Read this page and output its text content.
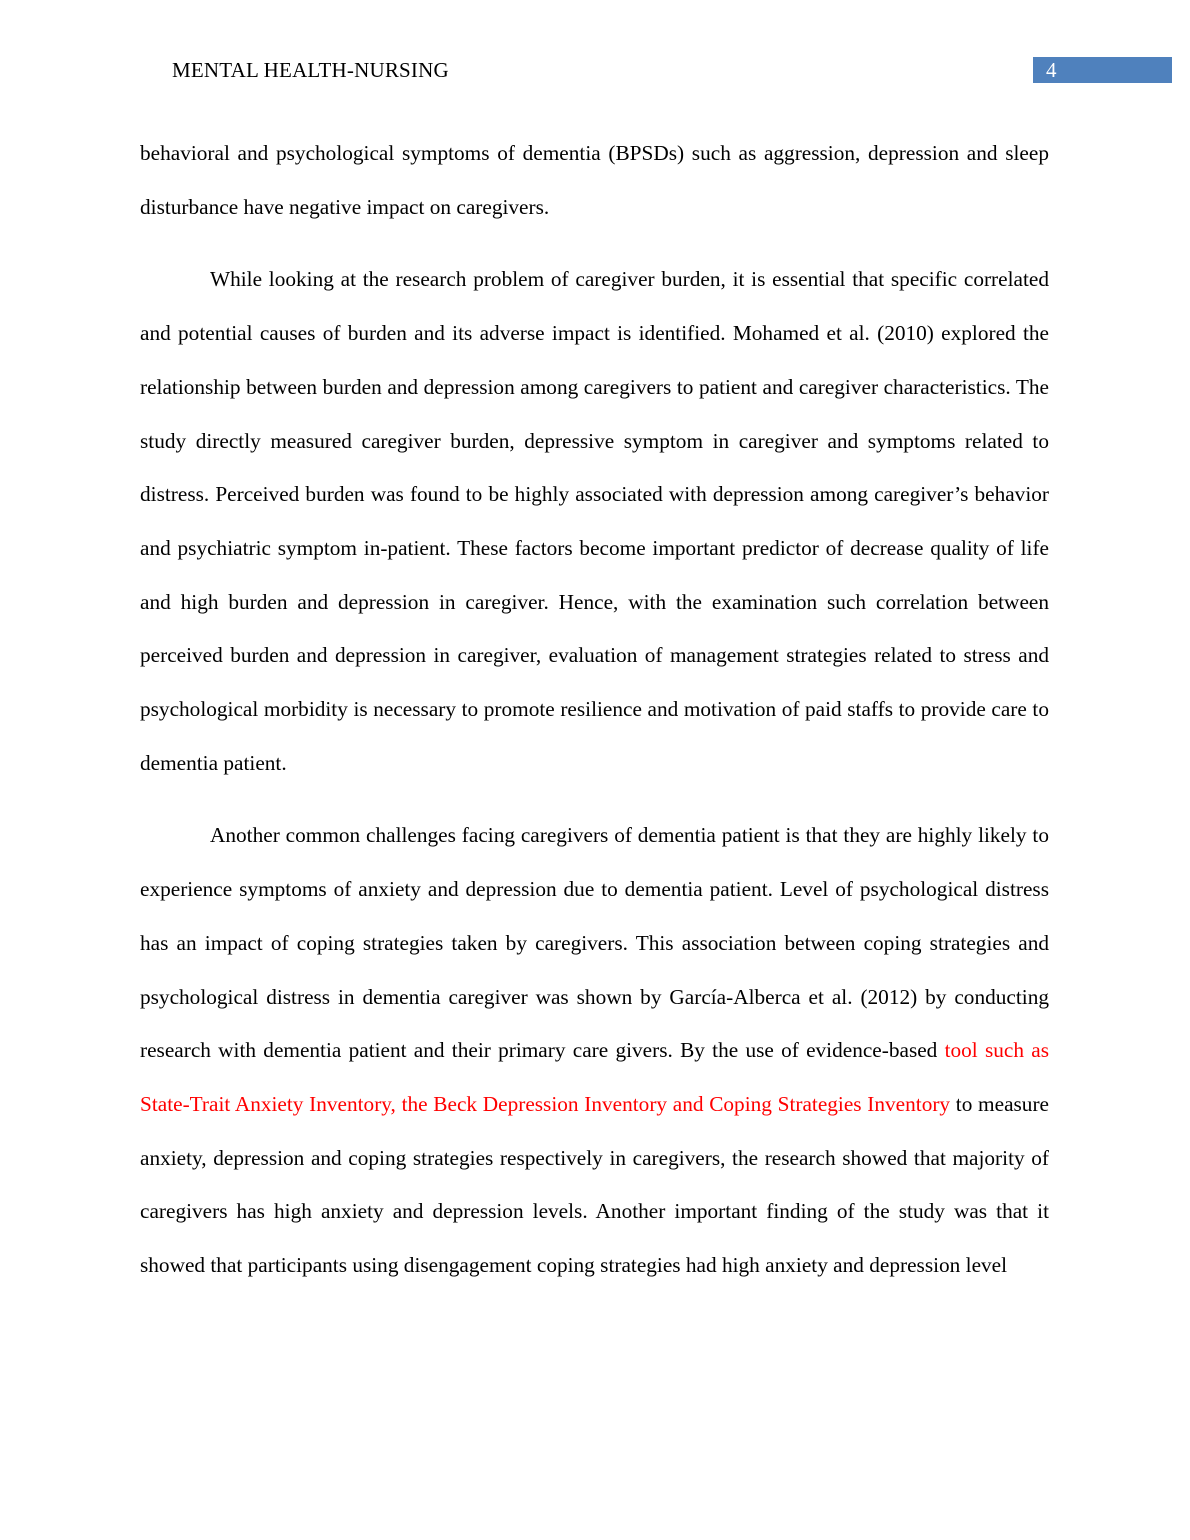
MENTAL HEALTH-NURSING	4

behavioral and psychological symptoms of dementia (BPSDs) such as aggression, depression and sleep disturbance have negative impact on caregivers.

While looking at the research problem of caregiver burden, it is essential that specific correlated and potential causes of burden and its adverse impact is identified. Mohamed et al. (2010) explored the relationship between burden and depression among caregivers to patient and caregiver characteristics. The study directly measured caregiver burden, depressive symptom in caregiver and symptoms related to distress. Perceived burden was found to be highly associated with depression among caregiver’s behavior and psychiatric symptom in-patient. These factors become important predictor of decrease quality of life and high burden and depression in caregiver. Hence, with the examination such correlation between perceived burden and depression in caregiver, evaluation of management strategies related to stress and psychological morbidity is necessary to promote resilience and motivation of paid staffs to provide care to dementia patient.

Another common challenges facing caregivers of dementia patient is that they are highly likely to experience symptoms of anxiety and depression due to dementia patient. Level of psychological distress has an impact of coping strategies taken by caregivers. This association between coping strategies and psychological distress in dementia caregiver was shown by García-Alberca et al. (2012) by conducting research with dementia patient and their primary care givers. By the use of evidence-based tool such as State-Trait Anxiety Inventory, the Beck Depression Inventory and Coping Strategies Inventory to measure anxiety, depression and coping strategies respectively in caregivers, the research showed that majority of caregivers has high anxiety and depression levels. Another important finding of the study was that it showed that participants using disengagement coping strategies had high anxiety and depression level
